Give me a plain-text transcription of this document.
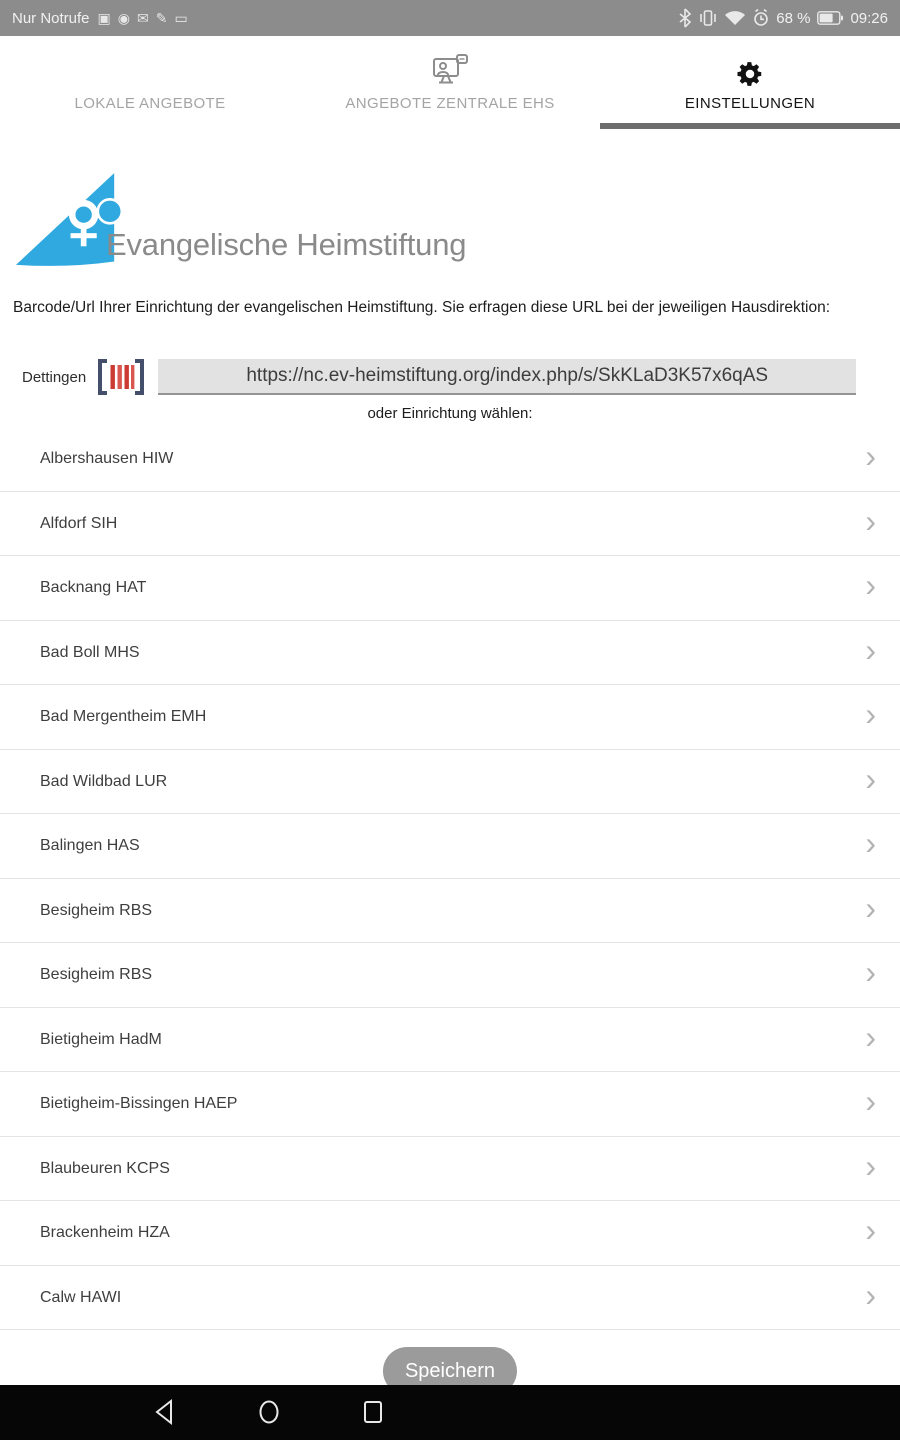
Nur Notrufe ▣ ◉ ✉ ✎ ▭	68 %	09:26
LOKALE ANGEBOTE	ANGEBOTE ZENTRALE EHS	EINSTELLUNGEN
Evangelische Heimstiftung
Barcode/Url Ihrer Einrichtung der evangelischen Heimstiftung. Sie erfragen diese URL bei der jeweiligen Hausdirektion:
Dettingen
https://nc.ev-heimstiftung.org/index.php/s/SkKLaD3K57x6qAS
oder Einrichtung wählen:
Albershausen HIW	›
Alfdorf SIH	›
Backnang HAT	›
Bad Boll MHS	›
Bad Mergentheim EMH	›
Bad Wildbad LUR	›
Balingen HAS	›
Besigheim RBS	›
Besigheim RBS	›
Bietigheim HadM	›
Bietigheim-Bissingen HAEP	›
Blaubeuren KCPS	›
Brackenheim HZA	›
Calw HAWI	›
Speichern
